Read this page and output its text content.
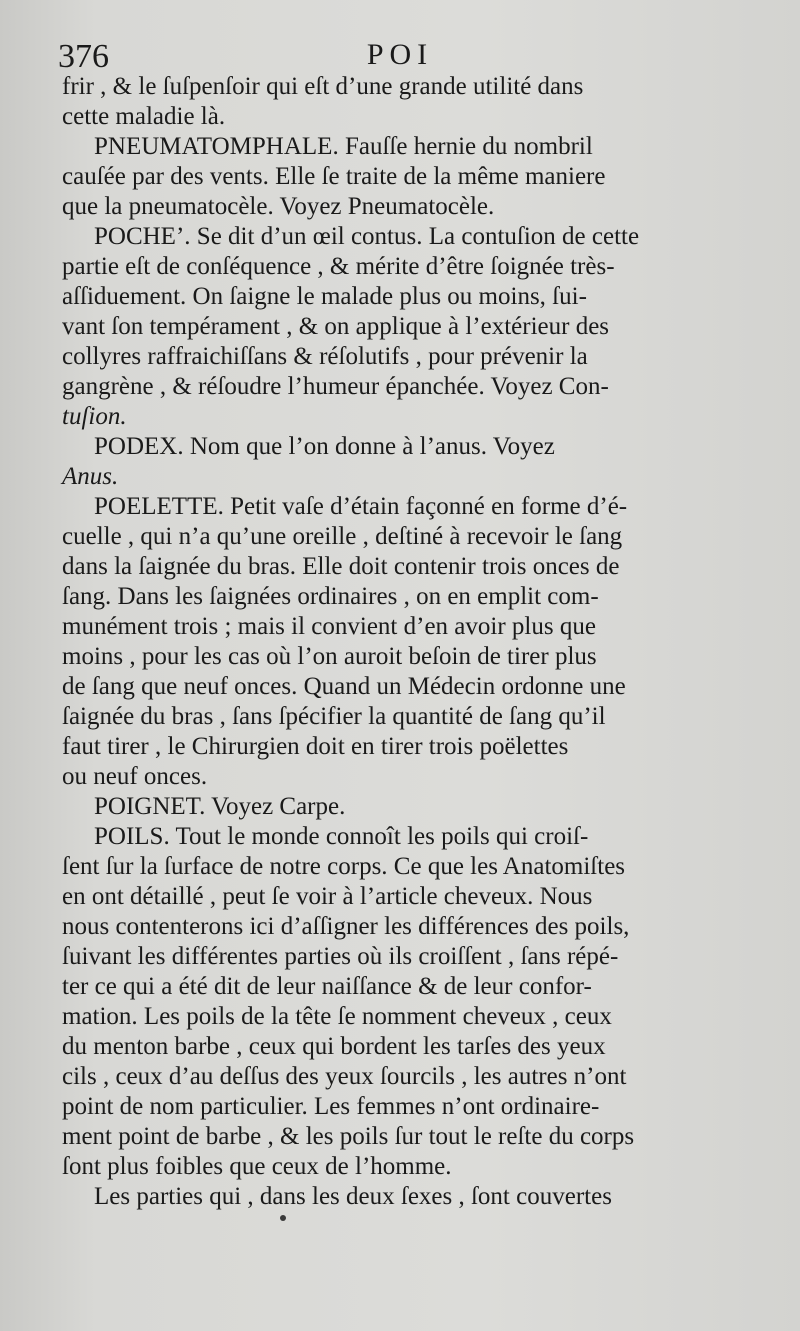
376	POI
frir , & le ſuſpenſoir qui eſt d’une grande utilité dans
cette maladie là.
PNEUMATOMPHALE. Fauſſe hernie du nombril
cauſée par des vents. Elle ſe traite de la même maniere
que la pneumatocèle. Voyez Pneumatocèle.
POCHE’. Se dit d’un œil contus. La contuſion de cette
partie eſt de conſéquence , & mérite d’être ſoignée très-
aſſiduement. On ſaigne le malade plus ou moins, ſui-
vant ſon tempérament , & on applique à l’extérieur des
collyres raffraichiſſans & réſolutifs , pour prévenir la
gangrène , & réſoudre l’humeur épanchée. Voyez Con-
tuſion.
PODEX. Nom que l’on donne à l’anus. Voyez
Anus.
POELETTE. Petit vaſe d’étain façonné en forme d’é-
cuelle , qui n’a qu’une oreille , deſtiné à recevoir le ſang
dans la ſaignée du bras. Elle doit contenir trois onces de
ſang. Dans les ſaignées ordinaires , on en emplit com-
munément trois ; mais il convient d’en avoir plus que
moins , pour les cas où l’on auroit beſoin de tirer plus
de ſang que neuf onces. Quand un Médecin ordonne une
ſaignée du bras , ſans ſpécifier la quantité de ſang qu’il
faut tirer , le Chirurgien doit en tirer trois poëlettes
ou neuf onces.
POIGNET. Voyez Carpe.
POILS. Tout le monde connoît les poils qui croiſ-
ſent ſur la ſurface de notre corps. Ce que les Anatomiſtes
en ont détaillé , peut ſe voir à l’article cheveux. Nous
nous contenterons ici d’aſſigner les différences des poils,
ſuivant les différentes parties où ils croiſſent , ſans répé-
ter ce qui a été dit de leur naiſſance & de leur confor-
mation. Les poils de la tête ſe nomment cheveux , ceux
du menton barbe , ceux qui bordent les tarſes des yeux
cils , ceux d’au deſſus des yeux ſourcils , les autres n’ont
point de nom particulier. Les femmes n’ont ordinaire-
ment point de barbe , & les poils ſur tout le reſte du corps
ſont plus foibles que ceux de l’homme.
Les parties qui , dans les deux ſexes , ſont couvertes
